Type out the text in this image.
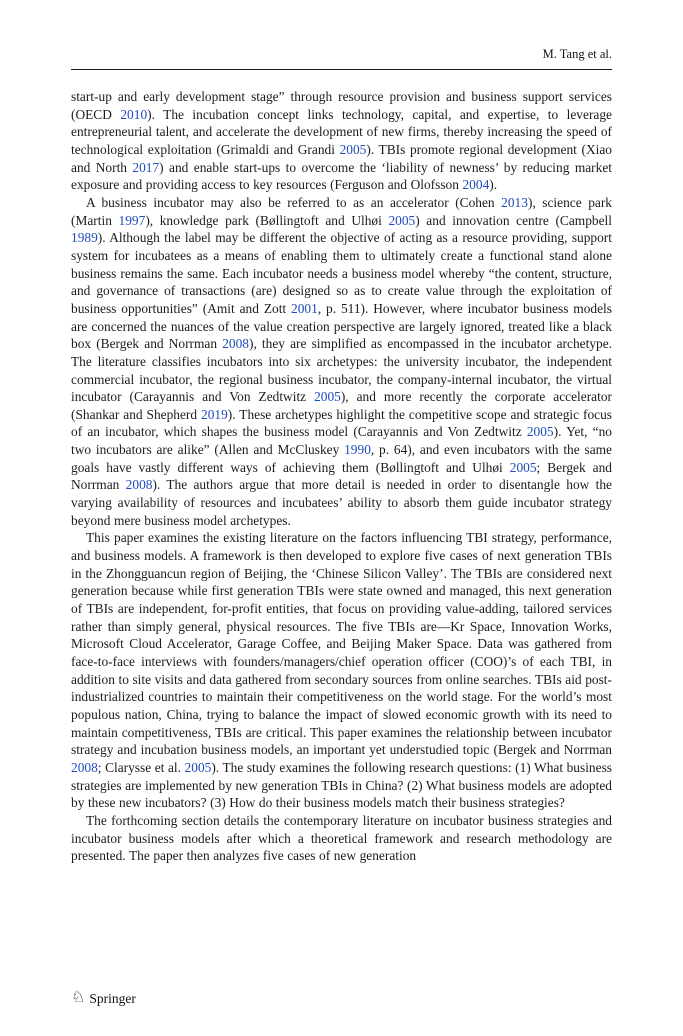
M. Tang et al.

start-up and early development stage” through resource provision and business support services (OECD 2010). The incubation concept links technology, capital, and expertise, to leverage entrepreneurial talent, and accelerate the development of new firms, thereby increasing the speed of technological exploitation (Grimaldi and Grandi 2005). TBIs promote regional development (Xiao and North 2017) and enable start-ups to overcome the ‘liability of newness’ by reducing market exposure and providing access to key resources (Ferguson and Olofsson 2004).

A business incubator may also be referred to as an accelerator (Cohen 2013), science park (Martin 1997), knowledge park (Bøllingtoft and Ulhøi 2005) and innovation centre (Campbell 1989). Although the label may be different the objective of acting as a resource providing, support system for incubatees as a means of enabling them to ultimately create a functional stand alone business remains the same. Each incubator needs a business model whereby “the content, structure, and governance of transactions (are) designed so as to create value through the exploitation of business opportunities” (Amit and Zott 2001, p. 511). However, where incubator business models are concerned the nuances of the value creation perspective are largely ignored, treated like a black box (Bergek and Norrman 2008), they are simplified as encompassed in the incubator archetype. The literature classifies incubators into six archetypes: the university incubator, the independent commercial incubator, the regional business incubator, the company-internal incubator, the virtual incubator (Carayannis and Von Zedtwitz 2005), and more recently the corporate accelerator (Shankar and Shepherd 2019). These archetypes highlight the competitive scope and strategic focus of an incubator, which shapes the business model (Carayannis and Von Zedtwitz 2005). Yet, “no two incubators are alike” (Allen and McCluskey 1990, p. 64), and even incubators with the same goals have vastly different ways of achieving them (Bøllingtoft and Ulhøi 2005; Bergek and Norrman 2008). The authors argue that more detail is needed in order to disentangle how the varying availability of resources and incubatees’ ability to absorb them guide incubator strategy beyond mere business model archetypes.

This paper examines the existing literature on the factors influencing TBI strategy, performance, and business models. A framework is then developed to explore five cases of next generation TBIs in the Zhongguancun region of Beijing, the ‘Chinese Silicon Valley’. The TBIs are considered next generation because while first generation TBIs were state owned and managed, this next generation of TBIs are independent, for-profit entities, that focus on providing value-adding, tailored services rather than simply general, physical resources. The five TBIs are—Kr Space, Innovation Works, Microsoft Cloud Accelerator, Garage Coffee, and Beijing Maker Space. Data was gathered from face-to-face interviews with founders/managers/chief operation officer (COO)’s of each TBI, in addition to site visits and data gathered from secondary sources from online searches. TBIs aid post-industrialized countries to maintain their competitiveness on the world stage. For the world’s most populous nation, China, trying to balance the impact of slowed economic growth with its need to maintain competitiveness, TBIs are critical. This paper examines the relationship between incubator strategy and incubation business models, an important yet understudied topic (Bergek and Norrman 2008; Clarysse et al. 2005). The study examines the following research questions: (1) What business strategies are implemented by new generation TBIs in China? (2) What business models are adopted by these new incubators? (3) How do their business models match their business strategies?

The forthcoming section details the contemporary literature on incubator business strategies and incubator business models after which a theoretical framework and research methodology are presented. The paper then analyzes five cases of new generation

♘ Springer
